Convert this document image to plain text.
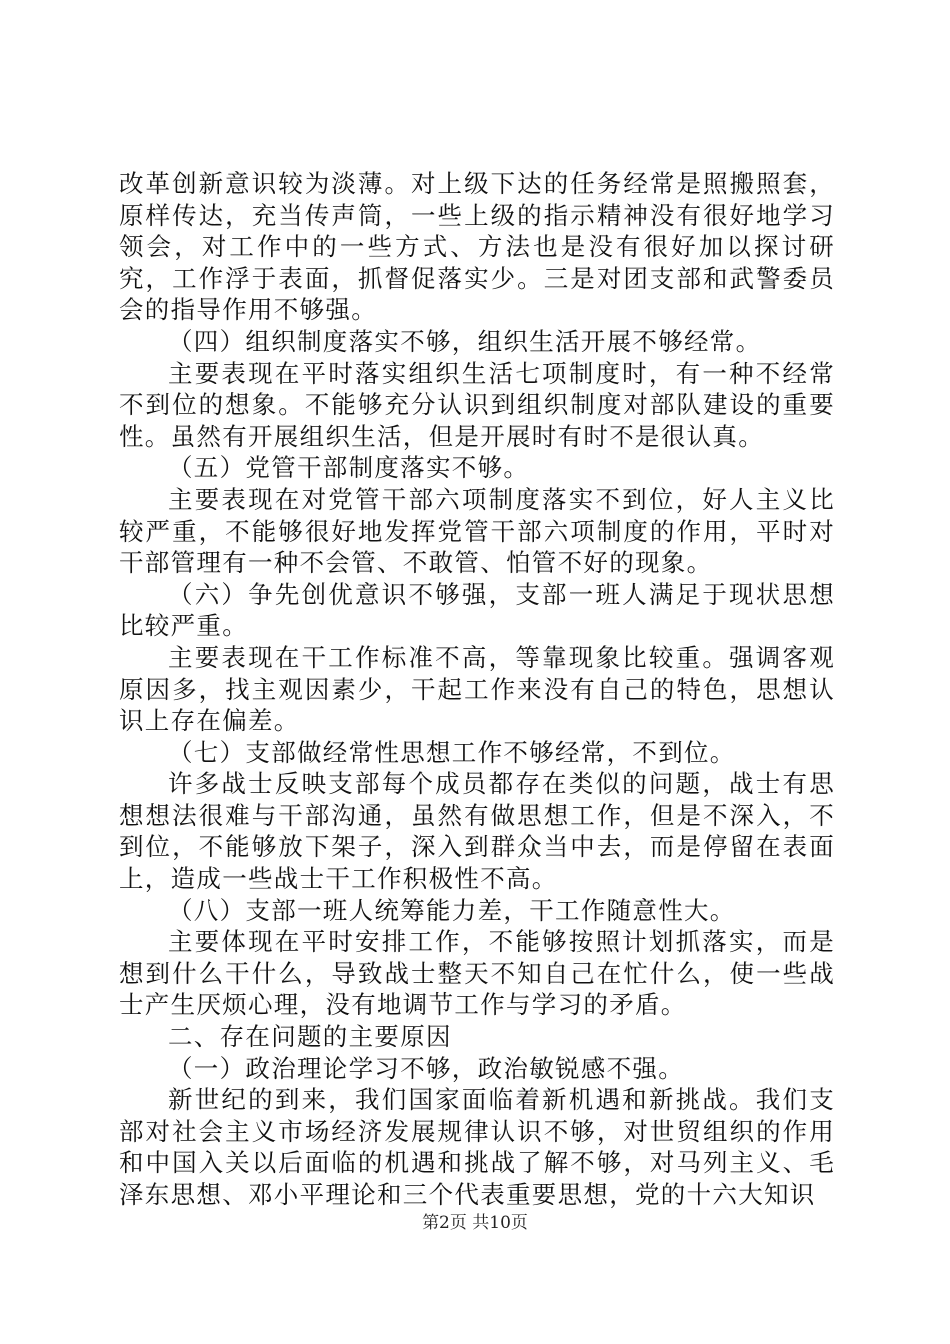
改革创新意识较为淡薄。对上级下达的任务经常是照搬照套，原样传达，充当传声筒，一些上级的指示精神没有很好地学习领会，对工作中的一些方式、方法也是没有很好加以探讨研究，工作浮于表面，抓督促落实少。三是对团支部和武警委员会的指导作用不够强。

（四）组织制度落实不够，组织生活开展不够经常。

主要表现在平时落实组织生活七项制度时，有一种不经常不到位的想象。不能够充分认识到组织制度对部队建设的重要性。虽然有开展组织生活，但是开展时有时不是很认真。

（五）党管干部制度落实不够。

主要表现在对党管干部六项制度落实不到位，好人主义比较严重，不能够很好地发挥党管干部六项制度的作用，平时对干部管理有一种不会管、不敢管、怕管不好的现象。

（六）争先创优意识不够强，支部一班人满足于现状思想比较严重。

主要表现在干工作标准不高，等靠现象比较重。强调客观原因多，找主观因素少，干起工作来没有自己的特色，思想认识上存在偏差。

（七）支部做经常性思想工作不够经常，不到位。

许多战士反映支部每个成员都存在类似的问题，战士有思想想法很难与干部沟通，虽然有做思想工作，但是不深入，不到位，不能够放下架子，深入到群众当中去，而是停留在表面上，造成一些战士干工作积极性不高。

（八）支部一班人统筹能力差，干工作随意性大。

主要体现在平时安排工作，不能够按照计划抓落实，而是想到什么干什么，导致战士整天不知自己在忙什么，使一些战士产生厌烦心理，没有地调节工作与学习的矛盾。

二、存在问题的主要原因

（一）政治理论学习不够，政治敏锐感不强。

新世纪的到来，我们国家面临着新机遇和新挑战。我们支部对社会主义市场经济发展规律认识不够，对世贸组织的作用和中国入关以后面临的机遇和挑战了解不够，对马列主义、毛泽东思想、邓小平理论和三个代表重要思想，党的十六大知识

第2页 共10页
